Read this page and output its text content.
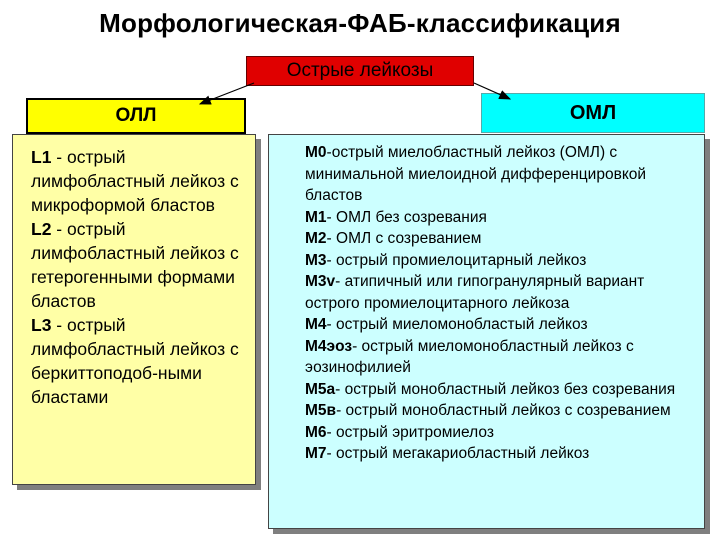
Морфологическая-ФАБ-классификация
Острые лейкозы
ОЛЛ	ОМЛ
L1 - острый лимфобластный лейкоз с микроформой бластов
L2 - острый лимфобластный лейкоз с гетерогенными формами бластов
L3 - острый лимфобластный лейкоз с беркиттоподоб-ными бластами
М0-острый миелобластный лейкоз (ОМЛ) с минимальной миелоидной дифференцировкой бластов
М1- ОМЛ без созревания
М2- ОМЛ с созреванием
М3- острый промиелоцитарный лейкоз
М3v- атипичный или гипогранулярный вариант острого промиелоцитарного лейкоза
М4- острый миеломонобластый лейкоз
М4эоз- острый миеломонобластный лейкоз с эозинофилией
М5а- острый монобластный лейкоз без созревания
М5в- острый монобластный лейкоз с созреванием
М6- острый эритромиелоз
М7- острый мегакариобластный лейкоз
